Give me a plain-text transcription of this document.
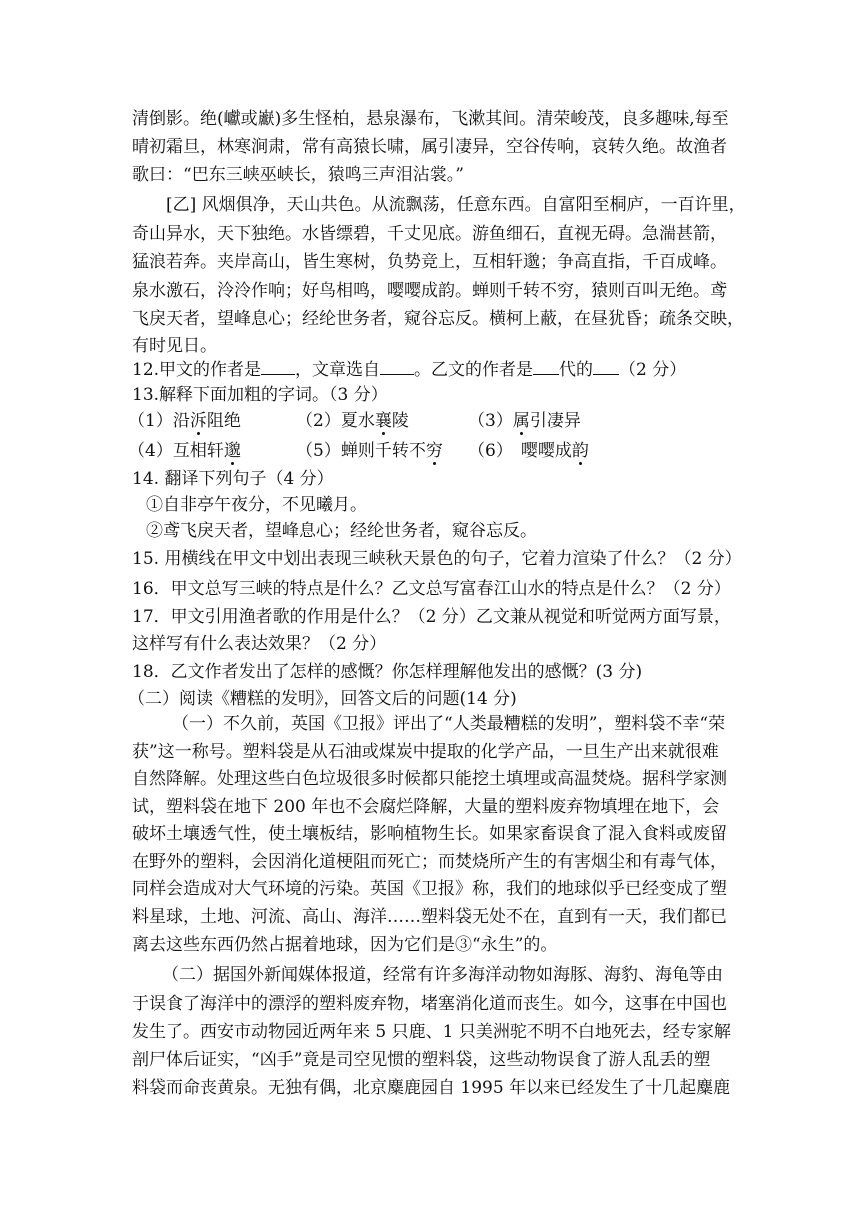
清倒影。绝(巘或巚)多生怪柏，悬泉瀑布，飞漱其间。清荣峻茂，良多趣味,每至

晴初霜旦，林寒涧肃，常有高猿长啸，属引凄异，空谷传响，哀转久绝。故渔者

歌曰：“巴东三峡巫峡长，猿鸣三声泪沾裳。”

[乙] 风烟俱净，天山共色。从流飘荡，任意东西。自富阳至桐庐，一百许里，

奇山异水，天下独绝。水皆缥碧，千丈见底。游鱼细石，直视无碍。急湍甚箭，

猛浪若奔。夹岸高山，皆生寒树，负势竞上，互相轩邈；争高直指，千百成峰。

泉水激石，泠泠作响；好鸟相鸣，嘤嘤成韵。蝉则千转不穷，猿则百叫无绝。鸢

飞戾天者，望峰息心；经纶世务者，窥谷忘反。横柯上蔽，在昼犹昏；疏条交映，

有时见日。

12.甲文的作者是 ，文章选自 。乙文的作者是 代的 （2 分）

13.解释下面加粗的字词。（3 分）

（1）沿泝阻绝	（2）夏水襄陵	（3）属引凄异

（4）互相轩邈	（5）蝉则千转不穷 （6） 嘤嘤成韵

14. 翻译下列句子（4 分）

①自非亭午夜分，不见曦月。

②鸢飞戾天者，望峰息心；经纶世务者，窥谷忘反。

15. 用横线在甲文中划出表现三峡秋天景色的句子，它着力渲染了什么？（2 分）

16．甲文总写三峡的特点是什么？乙文总写富春江山水的特点是什么？（2 分）

17．甲文引用渔者歌的作用是什么？（2 分）乙文兼从视觉和听觉两方面写景，

这样写有什么表达效果？（2 分）

18．乙文作者发出了怎样的感慨？你怎样理解他发出的感慨？(3 分)

（二）阅读《糟糕的发明》，回答文后的问题(14 分)

（一）不久前，英国《卫报》评出了“人类最糟糕的发明”，塑料袋不幸“荣

获”这一称号。塑料袋是从石油或煤炭中提取的化学产品，一旦生产出来就很难

自然降解。处理这些白色垃圾很多时候都只能挖土填埋或高温焚烧。据科学家测

试，塑料袋在地下 200 年也不会腐烂降解，大量的塑料废弃物填埋在地下，会

破坏土壤透气性，使土壤板结，影响植物生长。如果家畜误食了混入食料或废留

在野外的塑料，会因消化道梗阻而死亡；而焚烧所产生的有害烟尘和有毒气体，

同样会造成对大气环境的污染。英国《卫报》称，我们的地球似乎已经变成了塑

料星球，土地、河流、高山、海洋……塑料袋无处不在，直到有一天，我们都已

离去这些东西仍然占据着地球，因为它们是③“永生”的。

（二）据国外新闻媒体报道，经常有许多海洋动物如海豚、海豹、海龟等由

于误食了海洋中的漂浮的塑料废弃物，堵塞消化道而丧生。如今，这事在中国也

发生了。西安市动物园近两年来 5 只鹿、1 只美洲驼不明不白地死去，经专家解

剖尸体后证实，“凶手”竟是司空见惯的塑料袋，这些动物误食了游人乱丢的塑

料袋而命丧黄泉。无独有偶，北京麋鹿园自 1995 年以来已经发生了十几起麋鹿
